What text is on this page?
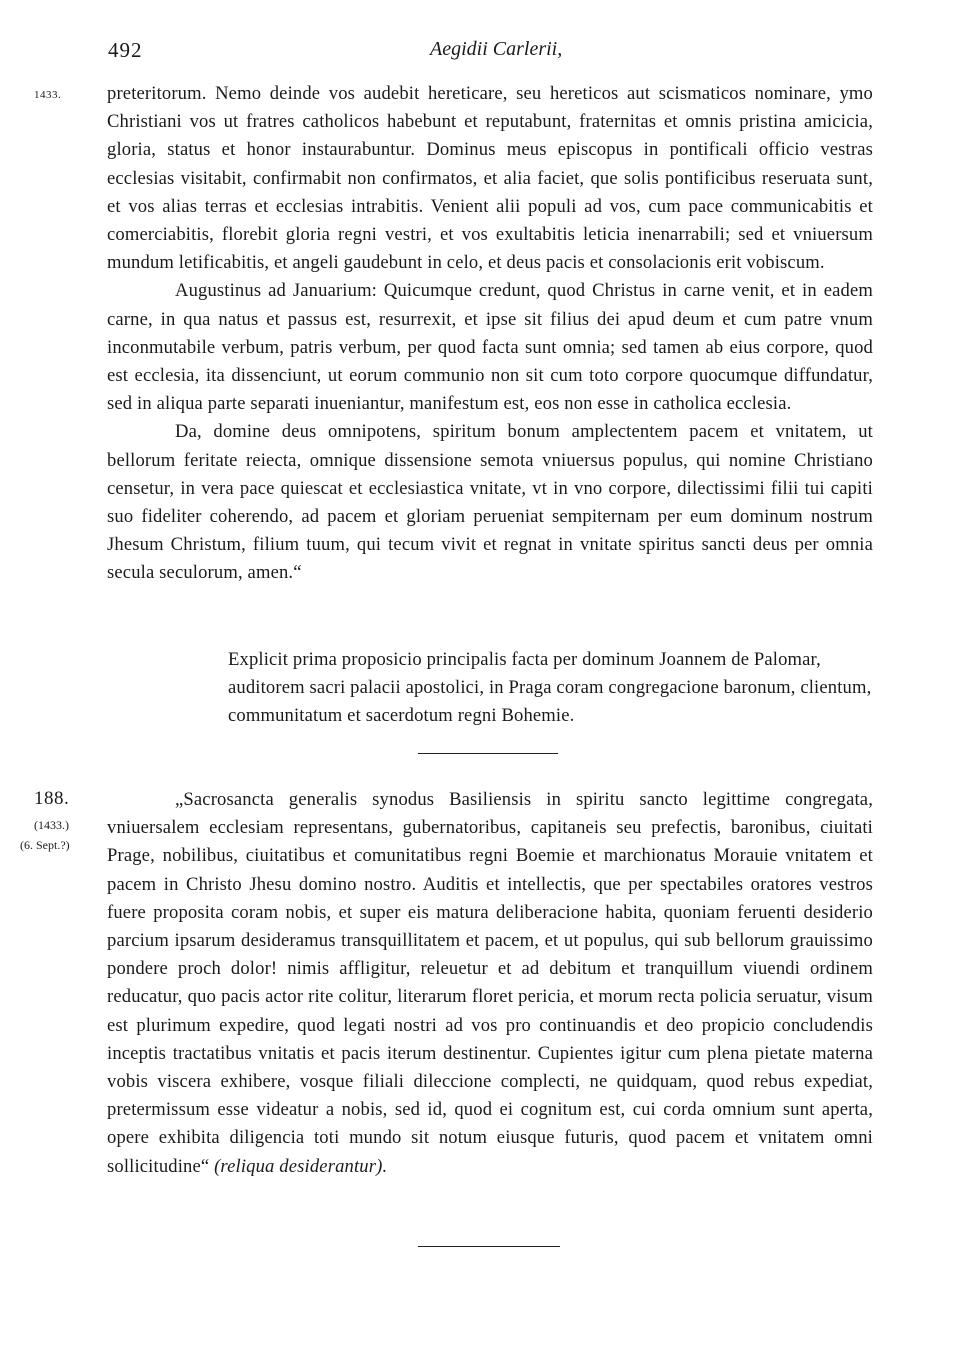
492	Aegidii Carlerii,
1433. preteritorum. Nemo deinde vos audebit hereticare, seu hereticos aut scismaticos nominare, ymo Christiani vos ut fratres catholicos habebunt et reputabunt, fraternitas et omnis pristina amicicia, gloria, status et honor instaurabuntur. Dominus meus episcopus in pontificali officio vestras ecclesias visitabit, confirmabit non confirmatos, et alia faciet, que solis pontificibus reseruata sunt, et vos alias terras et ecclesias intrabitis. Venient alii populi ad vos, cum pace communicabitis et comerciabitis, florebit gloria regni vestri, et vos exultabitis leticia inenarrabili; sed et vniuersum mundum letificabitis, et angeli gaudebunt in celo, et deus pacis et consolacionis erit vobiscum.

Augustinus ad Januarium: Quicumque credunt, quod Christus in carne venit, et in eadem carne, in qua natus et passus est, resurrexit, et ipse sit filius dei apud deum et cum patre vnum inconmutabile verbum, patris verbum, per quod facta sunt omnia; sed tamen ab eius corpore, quod est ecclesia, ita dissenciunt, ut eorum communio non sit cum toto corpore quocumque diffundatur, sed in aliqua parte separati inueniantur, manifestum est, eos non esse in catholica ecclesia.

Da, domine deus omnipotens, spiritum bonum amplectentem pacem et vnitatem, ut bellorum feritate reiecta, omnique dissensione semota vniuersus populus, qui nomine Christiano censetur, in vera pace quiescat et ecclesiastica vnitate, vt in vno corpore, dilectissimi filii tui capiti suo fideliter coherendo, ad pacem et gloriam perueniat sempiternam per eum dominum nostrum Jhesum Christum, filium tuum, qui tecum vivit et regnat in vnitate spiritus sancti deus per omnia secula seculorum, amen.“

Explicit prima proposicio principalis facta per dominum Joannem de Palomar, auditorem sacri palacii apostolici, in Praga coram congregacione baronum, clientum, communitatum et sacerdotum regni Bohemie.

188.
(1433.)
(6. Sept.?)

„Sacrosancta generalis synodus Basiliensis in spiritu sancto legittime congregata, vniuersalem ecclesiam representans, gubernatoribus, capitaneis seu prefectis, baronibus, ciuitati Prage, nobilibus, ciuitatibus et comunitatibus regni Boemie et marchionatus Morauie vnitatem et pacem in Christo Jhesu domino nostro. Auditis et intellectis, que per spectabiles oratores vestros fuere proposita coram nobis, et super eis matura deliberacione habita, quoniam feruenti desiderio parcium ipsarum desideramus transquillitatem et pacem, et ut populus, qui sub bellorum grauissimo pondere proch dolor! nimis affligitur, releuetur et ad debitum et tranquillum viuendi ordinem reducatur, quo pacis actor rite colitur, literarum floret pericia, et morum recta policia seruatur, visum est plurimum expedire, quod legati nostri ad vos pro continuandis et deo propicio concludendis inceptis tractatibus vnitatis et pacis iterum destinentur. Cupientes igitur cum plena pietate materna vobis viscera exhibere, vosque filiali dileccione complecti, ne quidquam, quod rebus expediat, pretermissum esse videatur a nobis, sed id, quod ei cognitum est, cui corda omnium sunt aperta, opere exhibita diligencia toti mundo sit notum eiusque futuris, quod pacem et vnitatem omni sollicitudine“ (reliqua desiderantur).
